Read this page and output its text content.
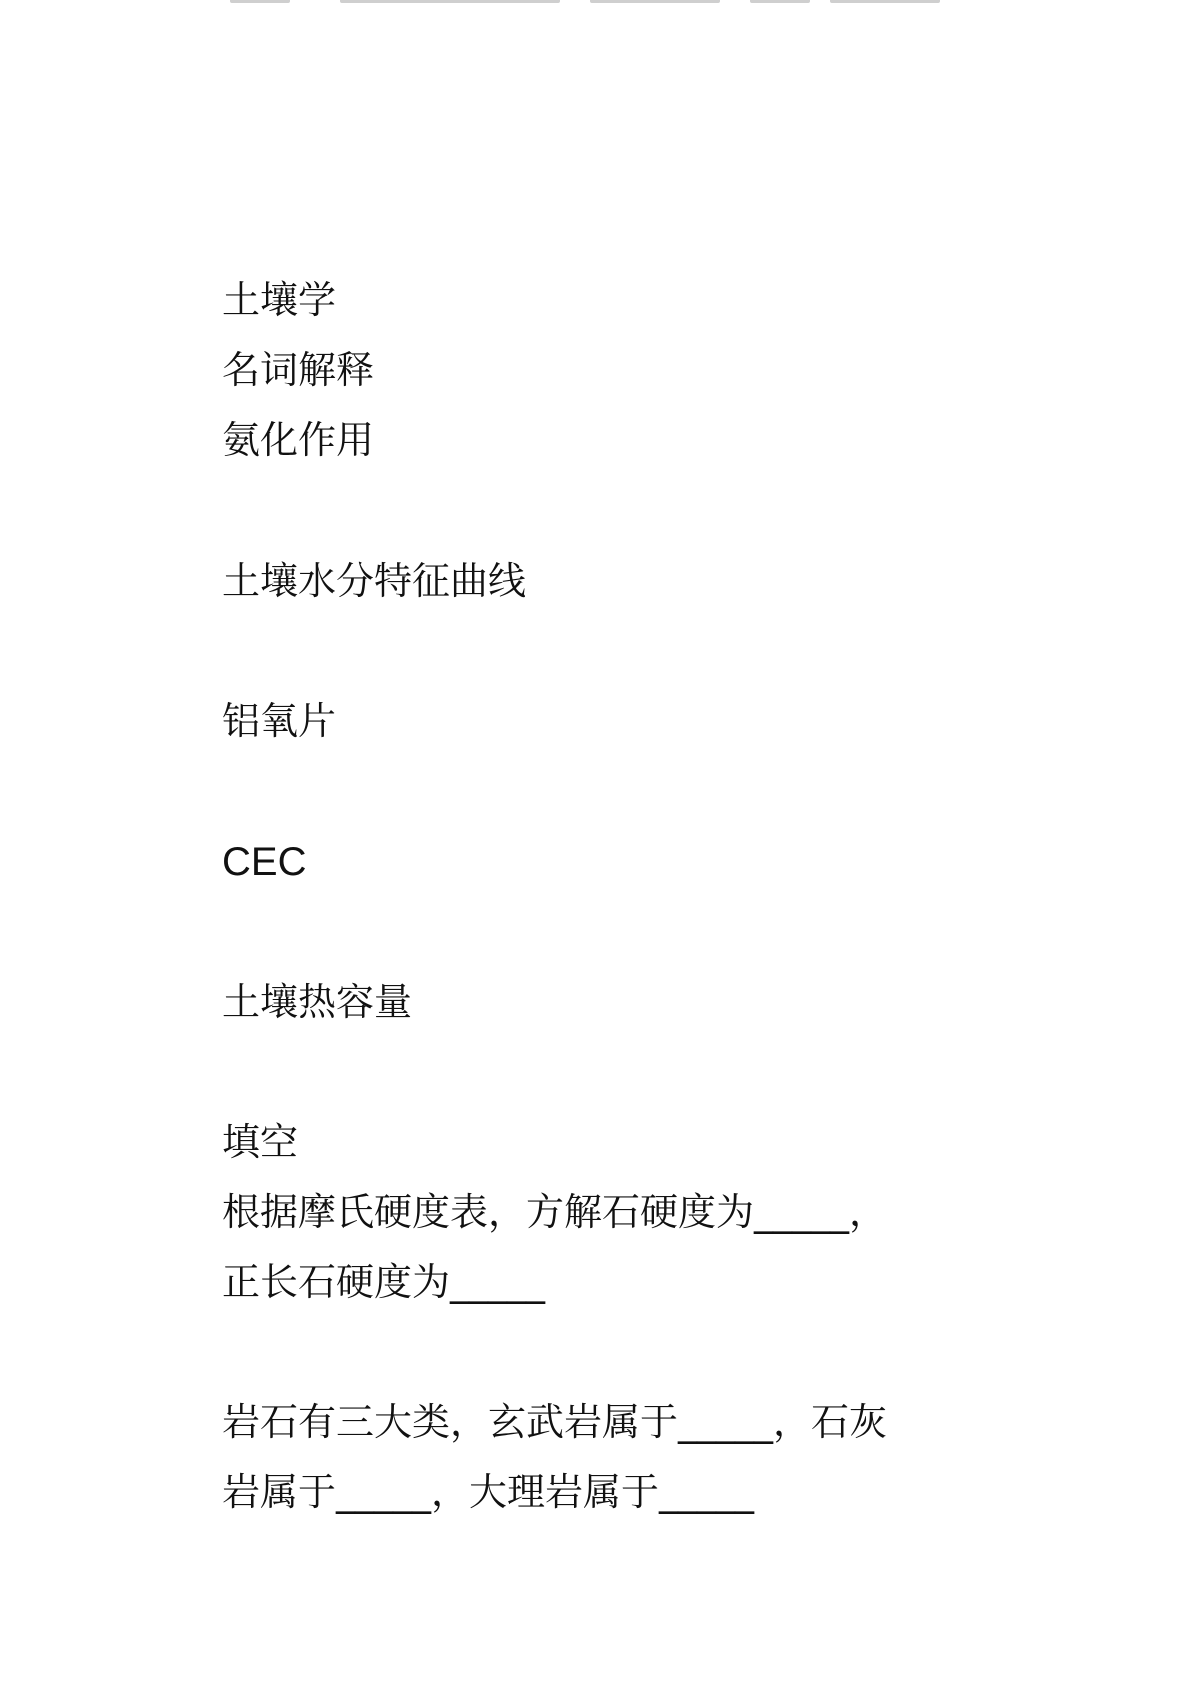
土壤学

名词解释

氨化作用

土壤水分特征曲线

铝氧片

CEC

土壤热容量

填空

根据摩氏硬度表，方解石硬度为_____，

正长石硬度为_____

岩石有三大类，玄武岩属于_____，石灰

岩属于_____，大理岩属于_____
